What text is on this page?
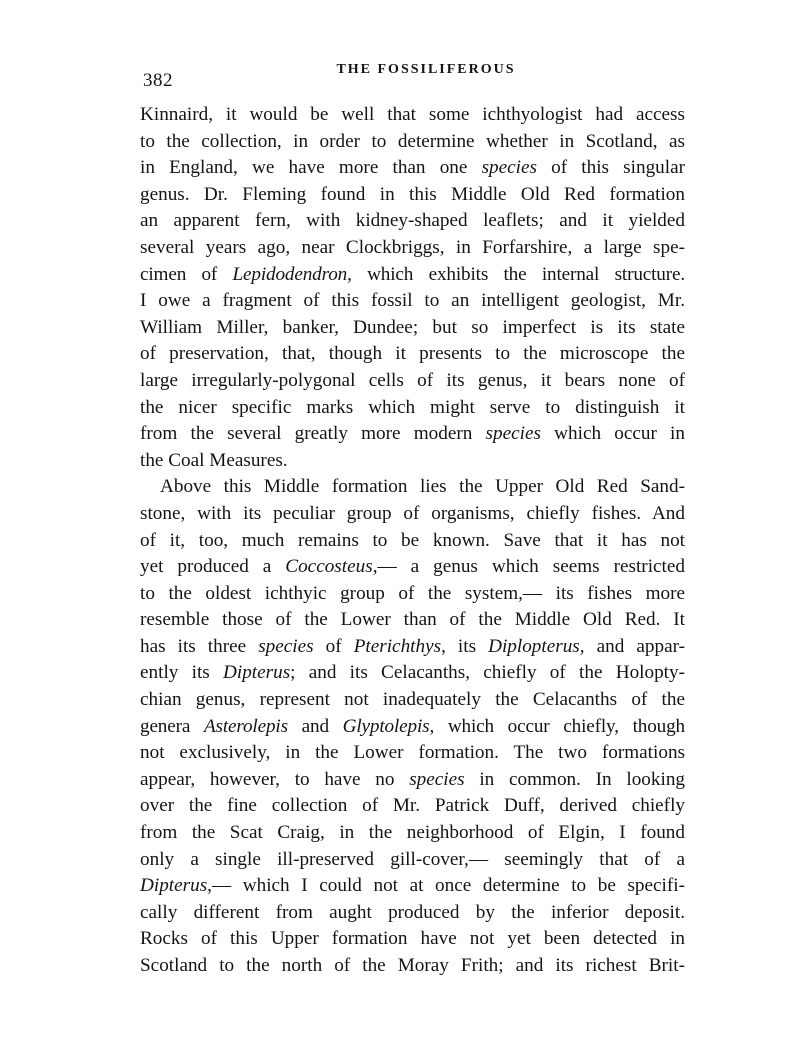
382
THE FOSSILIFEROUS
Kinnaird, it would be well that some ichthyologist had access
to the collection, in order to determine whether in Scotland, as
in England, we have more than one species of this singular
genus. Dr. Fleming found in this Middle Old Red formation
an apparent fern, with kidney-shaped leaflets; and it yielded
several years ago, near Clockbriggs, in Forfarshire, a large spe-
cimen of Lepidodendron, which exhibits the internal structure.
I owe a fragment of this fossil to an intelligent geologist, Mr.
William Miller, banker, Dundee; but so imperfect is its state
of preservation, that, though it presents to the microscope the
large irregularly-polygonal cells of its genus, it bears none of
the nicer specific marks which might serve to distinguish it
from the several greatly more modern species which occur in
the Coal Measures.
Above this Middle formation lies the Upper Old Red Sand-
stone, with its peculiar group of organisms, chiefly fishes. And
of it, too, much remains to be known. Save that it has not
yet produced a Coccosteus,— a genus which seems restricted
to the oldest ichthyic group of the system,— its fishes more
resemble those of the Lower than of the Middle Old Red. It
has its three species of Pterichthys, its Diplopterus, and appar-
ently its Dipterus; and its Celacanths, chiefly of the Holopty-
chian genus, represent not inadequately the Celacanths of the
genera Asterolepis and Glyptolepis, which occur chiefly, though
not exclusively, in the Lower formation. The two formations
appear, however, to have no species in common. In looking
over the fine collection of Mr. Patrick Duff, derived chiefly
from the Scat Craig, in the neighborhood of Elgin, I found
only a single ill-preserved gill-cover,— seemingly that of a
Dipterus,— which I could not at once determine to be specifi-
cally different from aught produced by the inferior deposit.
Rocks of this Upper formation have not yet been detected in
Scotland to the north of the Moray Frith; and its richest Brit-
